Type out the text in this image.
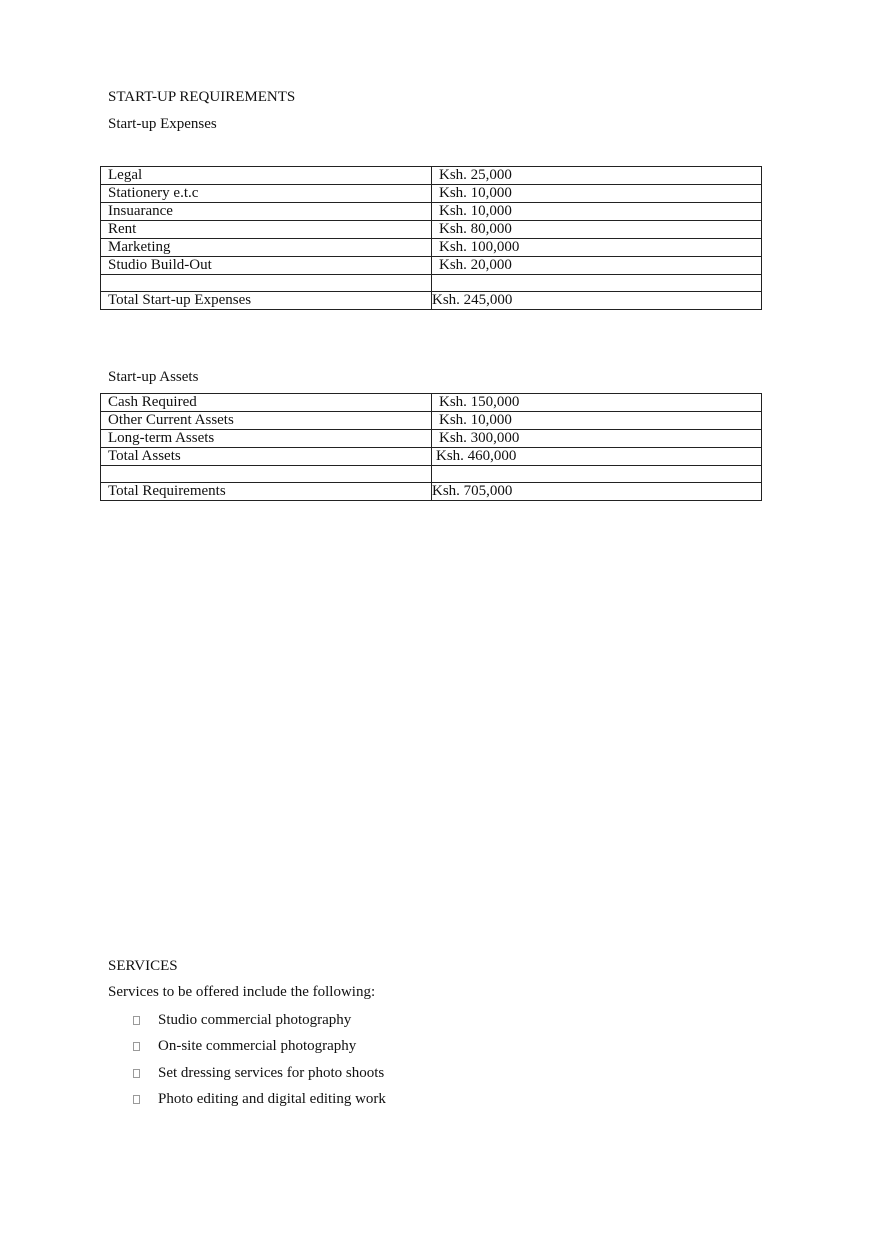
START-UP REQUIREMENTS
Start-up Expenses
Legal	Ksh. 25,000
Stationery e.t.c	Ksh. 10,000
Insuarance	Ksh. 10,000
Rent	Ksh. 80,000
Marketing	Ksh. 100,000
Studio Build-Out	Ksh. 20,000

Total Start-up Expenses	Ksh. 245,000
Start-up Assets
Cash Required	Ksh. 150,000
Other Current Assets	Ksh. 10,000
Long-term Assets	Ksh. 300,000
Total Assets	Ksh. 460,000

Total Requirements	Ksh. 705,000
SERVICES
Services to be offered include the following:
Studio commercial photography
On-site commercial photography
Set dressing services for photo shoots
Photo editing and digital editing work
